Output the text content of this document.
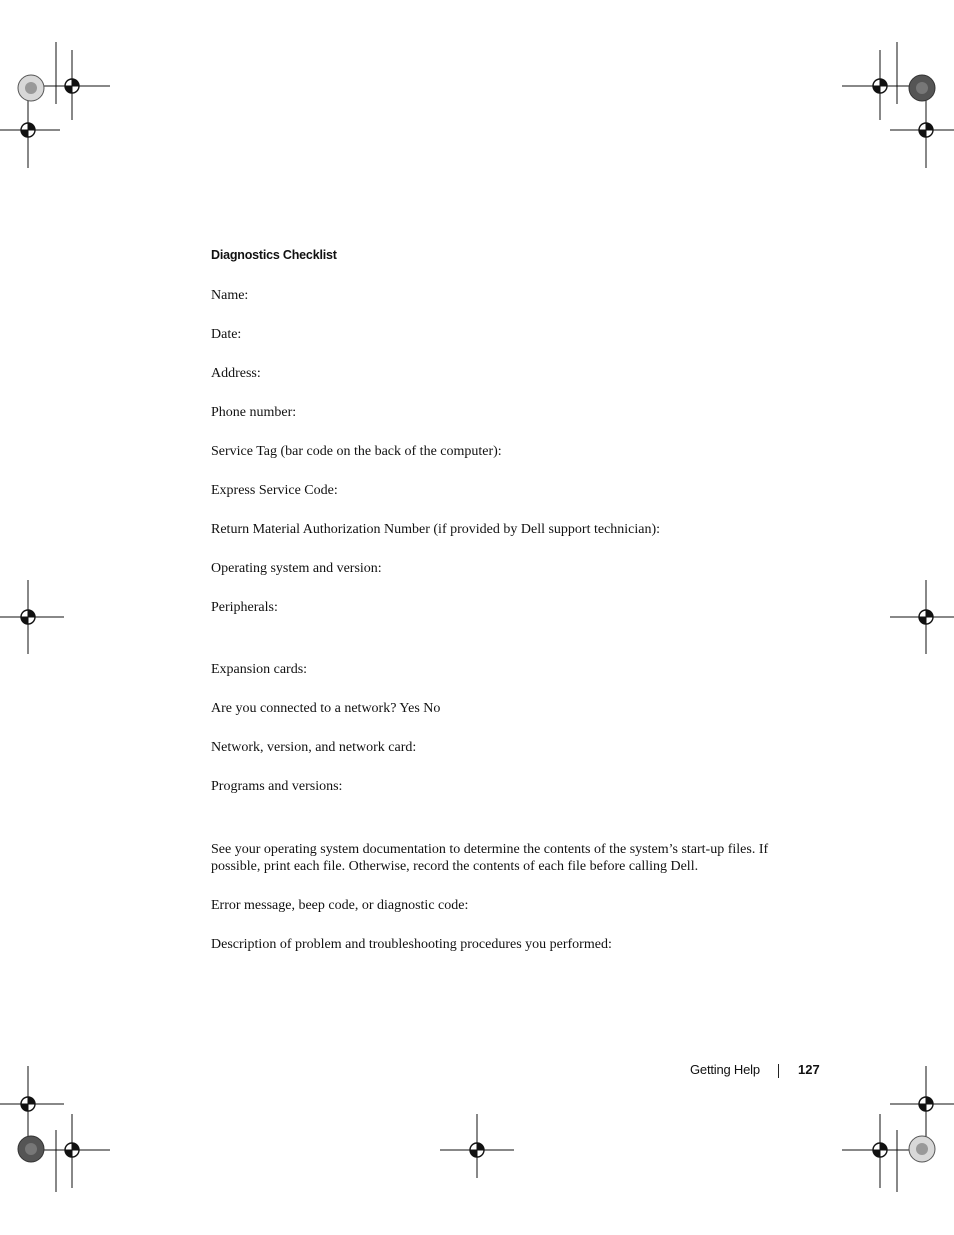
Diagnostics Checklist
Name:
Date:
Address:
Phone number:
Service Tag (bar code on the back of the computer):
Express Service Code:
Return Material Authorization Number (if provided by Dell support technician):
Operating system and version:
Peripherals:
Expansion cards:
Are you connected to a network? Yes No
Network, version, and network card:
Programs and versions:
See your operating system documentation to determine the contents of the system’s start-up files. If possible, print each file. Otherwise, record the contents of each file before calling Dell.
Error message, beep code, or diagnostic code:
Description of problem and troubleshooting procedures you performed:
Getting Help	127
